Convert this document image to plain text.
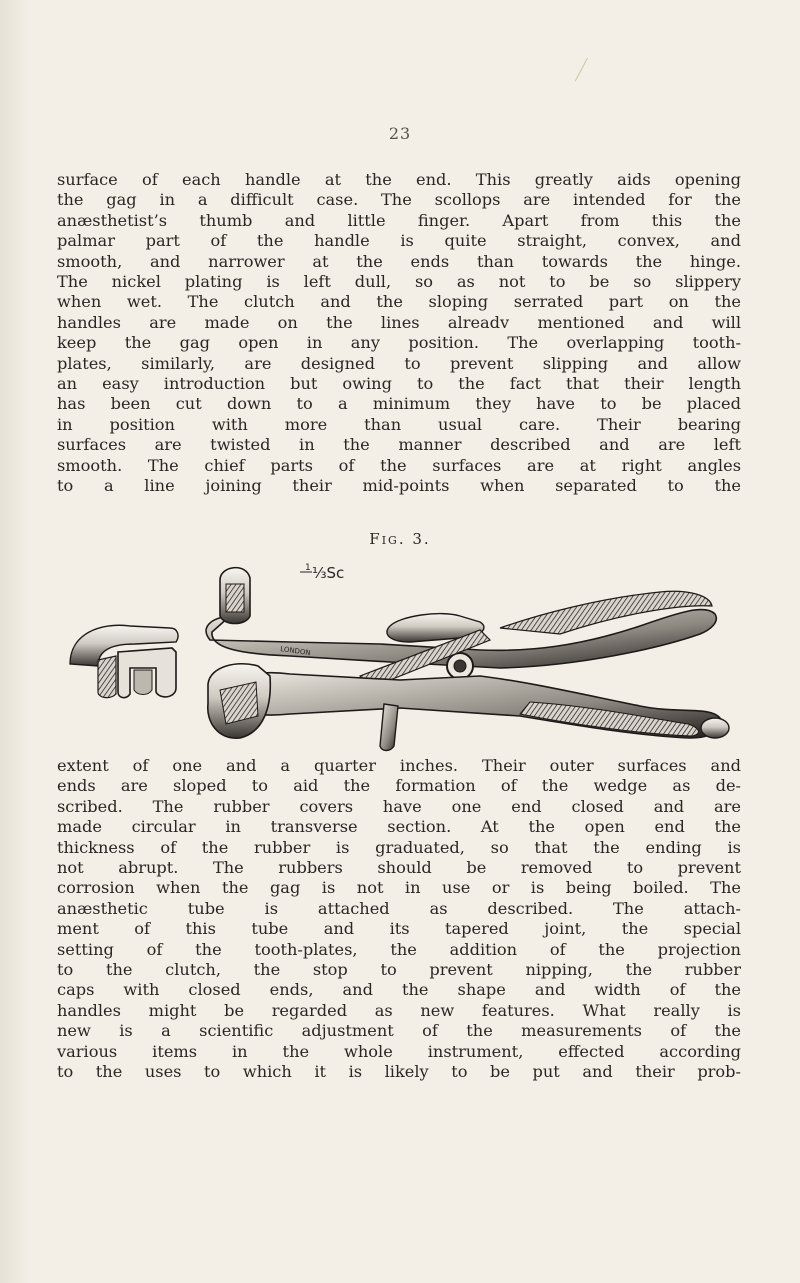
23
surface of each handle at the end. This greatly aids opening
the gag in a difficult case. The scollops are intended for the
anæsthetist’s thumb and little finger. Apart from this the
palmar part of the handle is quite straight, convex, and
smooth, and narrower at the ends than towards the hinge.
The nickel plating is left dull, so as not to be so slippery
when wet. The clutch and the sloping serrated part on the
handles are made on the lines alreadv mentioned and will
keep the gag open in any position. The overlapping tooth-
plates, similarly, are designed to prevent slipping and allow
an easy introduction but owing to the fact that their length
has been cut down to a minimum they have to be placed
in position with more than usual care. Their bearing
surfaces are twisted in the manner described and are left
smooth. The chief parts of the surfaces are at right angles
to a line joining their mid-points when separated to the
Fig. 3.
1 ⅓Sc
LONDON
extent of one and a quarter inches. Their outer surfaces and
ends are sloped to aid the formation of the wedge as de-
scribed. The rubber covers have one end closed and are
made circular in transverse section. At the open end the
thickness of the rubber is graduated, so that the ending is
not abrupt. The rubbers should be removed to prevent
corrosion when the gag is not in use or is being boiled. The
anæsthetic tube is attached as described. The attach-
ment of this tube and its tapered joint, the special
setting of the tooth-plates, the addition of the projection
to the clutch, the stop to prevent nipping, the rubber
caps with closed ends, and the shape and width of the
handles might be regarded as new features. What really is
new is a scientific adjustment of the measurements of the
various items in the whole instrument, effected according
to the uses to which it is likely to be put and their prob-
